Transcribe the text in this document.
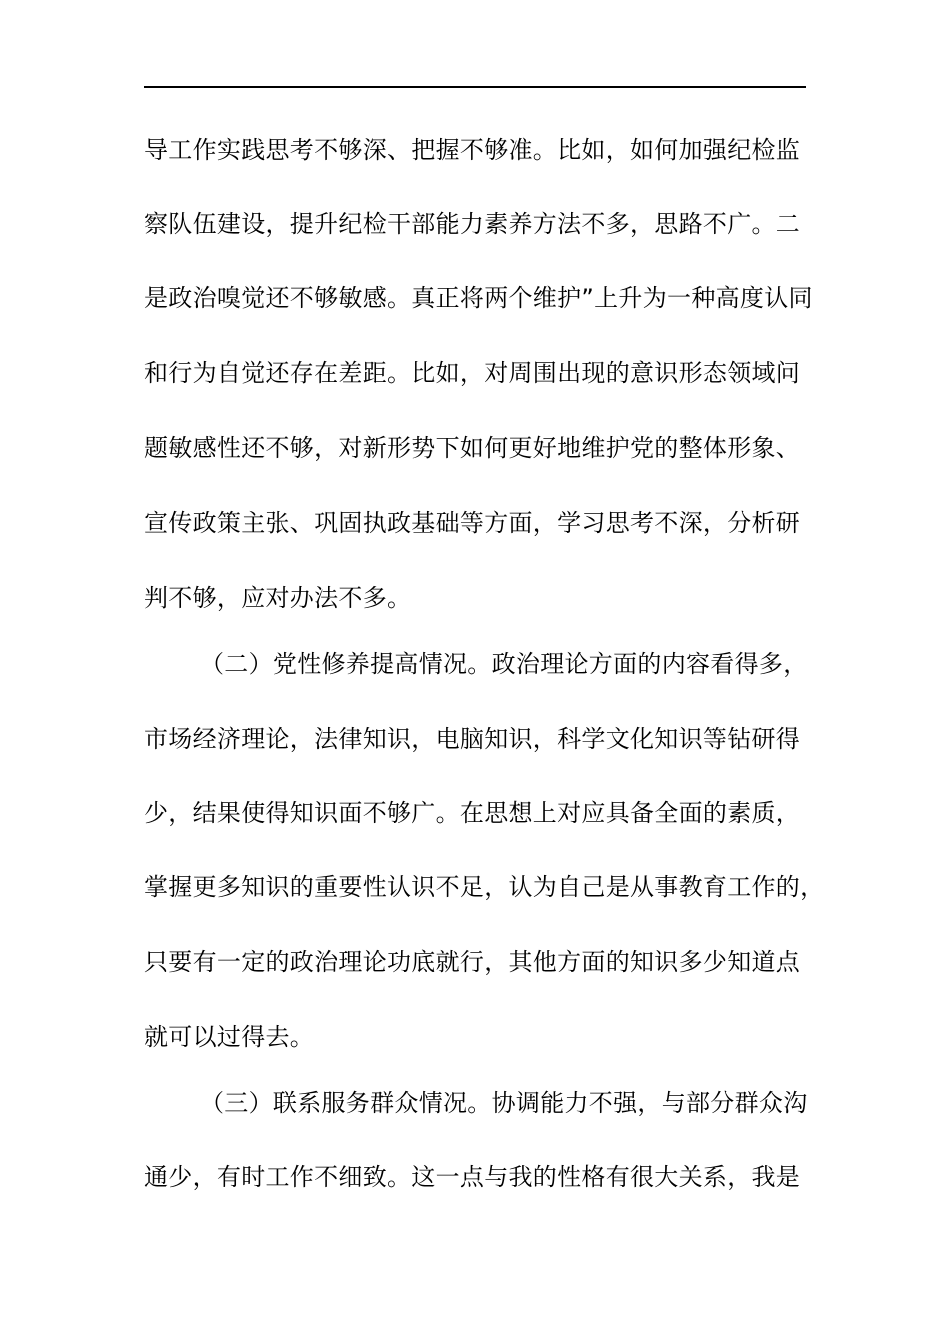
导工作实践思考不够深、把握不够准。比如，如何加强纪检监
察队伍建设，提升纪检干部能力素养方法不多，思路不广。二
是政治嗅觉还不够敏感。真正将两个维护”上升为一种高度认同
和行为自觉还存在差距。比如，对周围出现的意识形态领域问
题敏感性还不够，对新形势下如何更好地维护党的整体形象、
宣传政策主张、巩固执政基础等方面，学习思考不深，分析研
判不够，应对办法不多。
（二）党性修养提高情况。政治理论方面的内容看得多，
市场经济理论，法律知识，电脑知识，科学文化知识等钻研得
少，结果使得知识面不够广。在思想上对应具备全面的素质，
掌握更多知识的重要性认识不足，认为自己是从事教育工作的，
只要有一定的政治理论功底就行，其他方面的知识多少知道点
就可以过得去。
（三）联系服务群众情况。协调能力不强，与部分群众沟
通少，有时工作不细致。这一点与我的性格有很大关系，我是
